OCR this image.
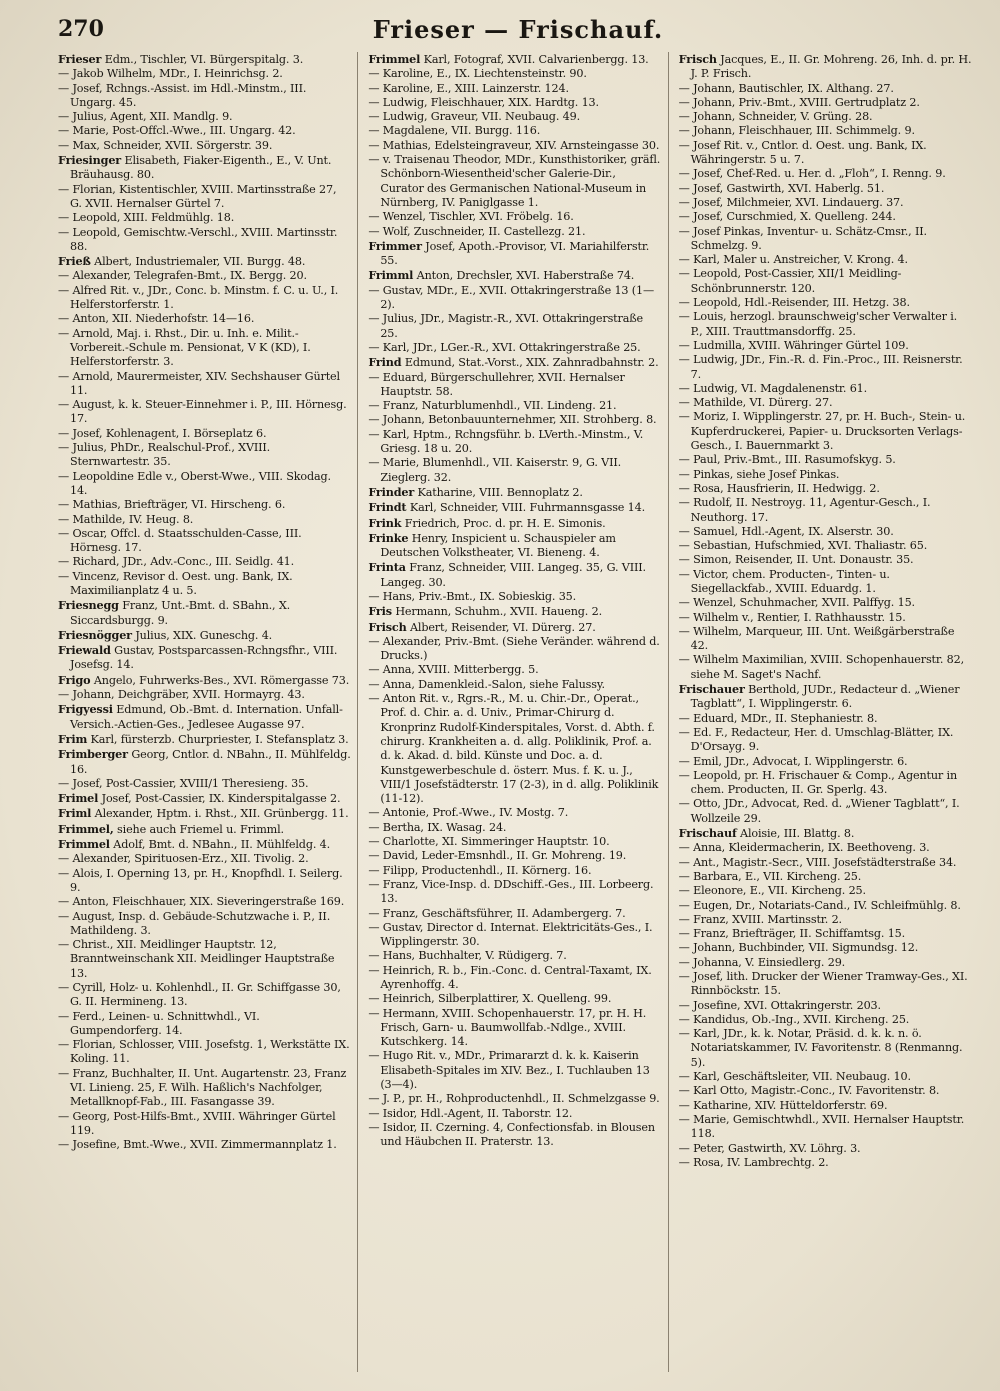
270	Frieser — Frischauf.

Frieser Edm., Tischler, VI. Bürgerspitalg. 3.

— Jakob Wilhelm, MDr., I. Heinrichsg. 2.

— Josef, Rchngs.-Assist. im Hdl.-Minstm., III. Ungarg. 45.

— Julius, Agent, XII. Mandlg. 9.

— Marie, Post-Offcl.-Wwe., III. Ungarg. 42.

— Max, Schneider, XVII. Sörgerstr. 39.

Friesinger Elisabeth, Fiaker-Eigenth., E., V. Unt. Bräuhausg. 80.

— Florian, Kistentischler, XVIII. Martinsstraße 27, G. XVII. Hernalser Gürtel 7.

— Leopold, XIII. Feldmühlg. 18.

— Leopold, Gemischtw.-Verschl., XVIII. Martinsstr. 88.

Frieß Albert, Industriemaler, VII. Burgg. 48.

— Alexander, Telegrafen-Bmt., IX. Bergg. 20.

— Alfred Rit. v., JDr., Conc. b. Minstm. f. C. u. U., I. Helferstorferstr. 1.

— Anton, XII. Niederhofstr. 14—16.

— Arnold, Maj. i. Rhst., Dir. u. Inh. e. Milit.-Vorbereit.-Schule m. Pensionat, V K (KD), I. Helferstorferstr. 3.

— Arnold, Maurermeister, XIV. Sechshauser Gürtel 11.

— August, k. k. Steuer-Einnehmer i. P., III. Hörnesg. 17.

— Josef, Kohlenagent, I. Börseplatz 6.

— Julius, PhDr., Realschul-Prof., XVIII. Sternwartestr. 35.

— Leopoldine Edle v., Oberst-Wwe., VIII. Skodag. 14.

— Mathias, Briefträger, VI. Hirscheng. 6.

— Mathilde, IV. Heug. 8.

— Oscar, Offcl. d. Staatsschulden-Casse, III. Hörnesg. 17.

— Richard, JDr., Adv.-Conc., III. Seidlg. 41.

— Vincenz, Revisor d. Oest. ung. Bank, IX. Maximilianplatz 4 u. 5.

Friesnegg Franz, Unt.-Bmt. d. SBahn., X. Siccardsburgg. 9.

Friesnögger Julius, XIX. Guneschg. 4.

Friewald Gustav, Postsparcassen-Rchngsfhr., VIII. Josefsg. 14.

Frigo Angelo, Fuhrwerks-Bes., XVI. Römergasse 73.

— Johann, Deichgräber, XVII. Hormayrg. 43.

Frigyessi Edmund, Ob.-Bmt. d. Internation. Unfall-Versich.-Actien-Ges., Jedlesee Augasse 97.

Frim Karl, fürsterzb. Churpriester, I. Stefansplatz 3.

Frimberger Georg, Cntlor. d. NBahn., II. Mühlfeldg. 16.

— Josef, Post-Cassier, XVIII/1 Theresieng. 35.

Frimel Josef, Post-Cassier, IX. Kinderspitalgasse 2.

Friml Alexander, Hptm. i. Rhst., XII. Grünbergg. 11.

Frimmel, siehe auch Friemel u. Frimml.

Frimmel Adolf, Bmt. d. NBahn., II. Mühlfeldg. 4.

— Alexander, Spirituosen-Erz., XII. Tivolig. 2.

— Alois, I. Operning 13, pr. H., Knopfhdl. I. Seilerg. 9.

— Anton, Fleischhauer, XIX. Sieveringerstraße 169.

— August, Insp. d. Gebäude-Schutzwache i. P., II. Mathildeng. 3.

— Christ., XII. Meidlinger Hauptstr. 12, Branntweinschank XII. Meidlinger Hauptstraße 13.

— Cyrill, Holz- u. Kohlenhdl., II. Gr. Schiffgasse 30, G. II. Hermineng. 13.

— Ferd., Leinen- u. Schnittwhdl., VI. Gumpendorferg. 14.

— Florian, Schlosser, VIII. Josefstg. 1, Werkstätte IX. Koling. 11.

— Franz, Buchhalter, II. Unt. Augartenstr. 23, Franz VI. Linieng. 25, F. Wilh. Haßlich's Nachfolger, Metallknopf-Fab., III. Fasangasse 39.

— Georg, Post-Hilfs-Bmt., XVIII. Währinger Gürtel 119.

— Josefine, Bmt.-Wwe., XVII. Zimmermannplatz 1.

Frimmel Karl, Fotograf, XVII. Calvarienbergg. 13.

— Karoline, E., IX. Liechtensteinstr. 90.

— Karoline, E., XIII. Lainzerstr. 124.

— Ludwig, Fleischhauer, XIX. Hardtg. 13.

— Ludwig, Graveur, VII. Neubaug. 49.

— Magdalene, VII. Burgg. 116.

— Mathias, Edelsteingraveur, XIV. Arnsteingasse 30.

— v. Traisenau Theodor, MDr., Kunsthistoriker, gräfl. Schönborn-Wiesentheid'scher Galerie-Dir., Curator des Germanischen National-Museum in Nürnberg, IV. Paniglgasse 1.

— Wenzel, Tischler, XVI. Fröbelg. 16.

— Wolf, Zuschneider, II. Castellezg. 21.

Frimmer Josef, Apoth.-Provisor, VI. Mariahilferstr. 55.

Frimml Anton, Drechsler, XVI. Haberstraße 74.

— Gustav, MDr., E., XVII. Ottakringerstraße 13 (1—2).

— Julius, JDr., Magistr.-R., XVI. Ottakringerstraße 25.

— Karl, JDr., LGer.-R., XVI. Ottakringerstraße 25.

Frind Edmund, Stat.-Vorst., XIX. Zahnradbahnstr. 2.

— Eduard, Bürgerschullehrer, XVII. Hernalser Hauptstr. 58.

— Franz, Naturblumenhdl., VII. Lindeng. 21.

— Johann, Betonbauunternehmer, XII. Strohberg. 8.

— Karl, Hptm., Rchngsführ. b. LVerth.-Minstm., V. Griesg. 18 u. 20.

— Marie, Blumenhdl., VII. Kaiserstr. 9, G. VII. Zieglerg. 32.

Frinder Katharine, VIII. Bennoplatz 2.

Frindt Karl, Schneider, VIII. Fuhrmannsgasse 14.

Frink Friedrich, Proc. d. pr. H. E. Simonis.

Frinke Henry, Inspicient u. Schauspieler am Deutschen Volkstheater, VI. Bieneng. 4.

Frinta Franz, Schneider, VIII. Langeg. 35, G. VIII. Langeg. 30.

— Hans, Priv.-Bmt., IX. Sobieskig. 35.

Fris Hermann, Schuhm., XVII. Haueng. 2.

Frisch Albert, Reisender, VI. Dürerg. 27.

— Alexander, Priv.-Bmt. (Siehe Veränder. während d. Drucks.)

— Anna, XVIII. Mitterbergg. 5.

— Anna, Damenkleid.-Salon, siehe Falussy.

— Anton Rit. v., Rgrs.-R., M. u. Chir.-Dr., Operat., Prof. d. Chir. a. d. Univ., Primar-Chirurg d. Kronprinz Rudolf-Kinderspitales, Vorst. d. Abth. f. chirurg. Krankheiten a. d. allg. Poliklinik, Prof. a. d. k. Akad. d. bild. Künste und Doc. a. d. Kunstgewerbeschule d. österr. Mus. f. K. u. J., VIII/1 Josefstädterstr. 17 (2-3), in d. allg. Poliklinik (11-12).

— Antonie, Prof.-Wwe., IV. Mostg. 7.

— Bertha, IX. Wasag. 24.

— Charlotte, XI. Simmeringer Hauptstr. 10.

— David, Leder-Emsnhdl., II. Gr. Mohreng. 19.

— Filipp, Productenhdl., II. Körnerg. 16.

— Franz, Vice-Insp. d. DDschiff.-Ges., III. Lorbeerg. 13.

— Franz, Geschäftsführer, II. Adambergerg. 7.

— Gustav, Director d. Internat. Elektricitäts-Ges., I. Wipplingerstr. 30.

— Hans, Buchhalter, V. Rüdigerg. 7.

— Heinrich, R. b., Fin.-Conc. d. Central-Taxamt, IX. Ayrenhoffg. 4.

— Heinrich, Silberplattirer, X. Quelleng. 99.

— Hermann, XVIII. Schopenhauerstr. 17, pr. H. H. Frisch, Garn- u. Baumwollfab.-Ndlge., XVIII. Kutschkerg. 14.

— Hugo Rit. v., MDr., Primararzt d. k. k. Kaiserin Elisabeth-Spitales im XIV. Bez., I. Tuchlauben 13 (3—4).

— J. P., pr. H., Rohproductenhdl., II. Schmelzgasse 9.

— Isidor, Hdl.-Agent, II. Taborstr. 12.

— Isidor, II. Czerning. 4, Confectionsfab. in Blousen und Häubchen II. Praterstr. 13.

Frisch Jacques, E., II. Gr. Mohreng. 26, Inh. d. pr. H. J. P. Frisch.

— Johann, Bautischler, IX. Althang. 27.

— Johann, Priv.-Bmt., XVIII. Gertrudplatz 2.

— Johann, Schneider, V. Grüng. 28.

— Johann, Fleischhauer, III. Schimmelg. 9.

— Josef Rit. v., Cntlor. d. Oest. ung. Bank, IX. Währingerstr. 5 u. 7.

— Josef, Chef-Red. u. Her. d. „Floh“, I. Renng. 9.

— Josef, Gastwirth, XVI. Haberlg. 51.

— Josef, Milchmeier, XVI. Lindauerg. 37.

— Josef, Curschmied, X. Quelleng. 244.

— Josef Pinkas, Inventur- u. Schätz-Cmsr., II. Schmelzg. 9.

— Karl, Maler u. Anstreicher, V. Krong. 4.

— Leopold, Post-Cassier, XII/1 Meidling-Schönbrunnerstr. 120.

— Leopold, Hdl.-Reisender, III. Hetzg. 38.

— Louis, herzogl. braunschweig'scher Verwalter i. P., XIII. Trauttmansdorffg. 25.

— Ludmilla, XVIII. Währinger Gürtel 109.

— Ludwig, JDr., Fin.-R. d. Fin.-Proc., III. Reisnerstr. 7.

— Ludwig, VI. Magdalenenstr. 61.

— Mathilde, VI. Dürerg. 27.

— Moriz, I. Wipplingerstr. 27, pr. H. Buch-, Stein- u. Kupferdruckerei, Papier- u. Drucksorten Verlags-Gesch., I. Bauernmarkt 3.

— Paul, Priv.-Bmt., III. Rasumofskyg. 5.

— Pinkas, siehe Josef Pinkas.

— Rosa, Hausfrierin, II. Hedwigg. 2.

— Rudolf, II. Nestroyg. 11, Agentur-Gesch., I. Neuthorg. 17.

— Samuel, Hdl.-Agent, IX. Alserstr. 30.

— Sebastian, Hufschmied, XVI. Thaliastr. 65.

— Simon, Reisender, II. Unt. Donaustr. 35.

— Victor, chem. Producten-, Tinten- u. Siegellackfab., XVIII. Eduardg. 1.

— Wenzel, Schuhmacher, XVII. Palffyg. 15.

— Wilhelm v., Rentier, I. Rathhausstr. 15.

— Wilhelm, Marqueur, III. Unt. Weißgärberstraße 42.

— Wilhelm Maximilian, XVIII. Schopenhauerstr. 82, siehe M. Saget's Nachf.

Frischauer Berthold, JUDr., Redacteur d. „Wiener Tagblatt“, I. Wipplingerstr. 6.

— Eduard, MDr., II. Stephaniestr. 8.

— Ed. F., Redacteur, Her. d. Umschlag-Blätter, IX. D'Orsayg. 9.

— Emil, JDr., Advocat, I. Wipplingerstr. 6.

— Leopold, pr. H. Frischauer & Comp., Agentur in chem. Producten, II. Gr. Sperlg. 43.

— Otto, JDr., Advocat, Red. d. „Wiener Tagblatt“, I. Wollzeile 29.

Frischauf Aloisie, III. Blattg. 8.

— Anna, Kleidermacherin, IX. Beethoveng. 3.

— Ant., Magistr.-Secr., VIII. Josefstädterstraße 34.

— Barbara, E., VII. Kircheng. 25.

— Eleonore, E., VII. Kircheng. 25.

— Eugen, Dr., Notariats-Cand., IV. Schleifmühlg. 8.

— Franz, XVIII. Martinsstr. 2.

— Franz, Briefträger, II. Schiffamtsg. 15.

— Johann, Buchbinder, VII. Sigmundsg. 12.

— Johanna, V. Einsiedlerg. 29.

— Josef, lith. Drucker der Wiener Tramway-Ges., XI. Rinnböckstr. 15.

— Josefine, XVI. Ottakringerstr. 203.

— Kandidus, Ob.-Ing., XVII. Kircheng. 25.

— Karl, JDr., k. k. Notar, Präsid. d. k. k. n. ö. Notariatskammer, IV. Favoritenstr. 8 (Renmanng. 5).

— Karl, Geschäftsleiter, VII. Neubaug. 10.

— Karl Otto, Magistr.-Conc., IV. Favoritenstr. 8.

— Katharine, XIV. Hütteldorferstr. 69.

— Marie, Gemischtwhdl., XVII. Hernalser Hauptstr. 118.

— Peter, Gastwirth, XV. Löhrg. 3.

— Rosa, IV. Lambrechtg. 2.
